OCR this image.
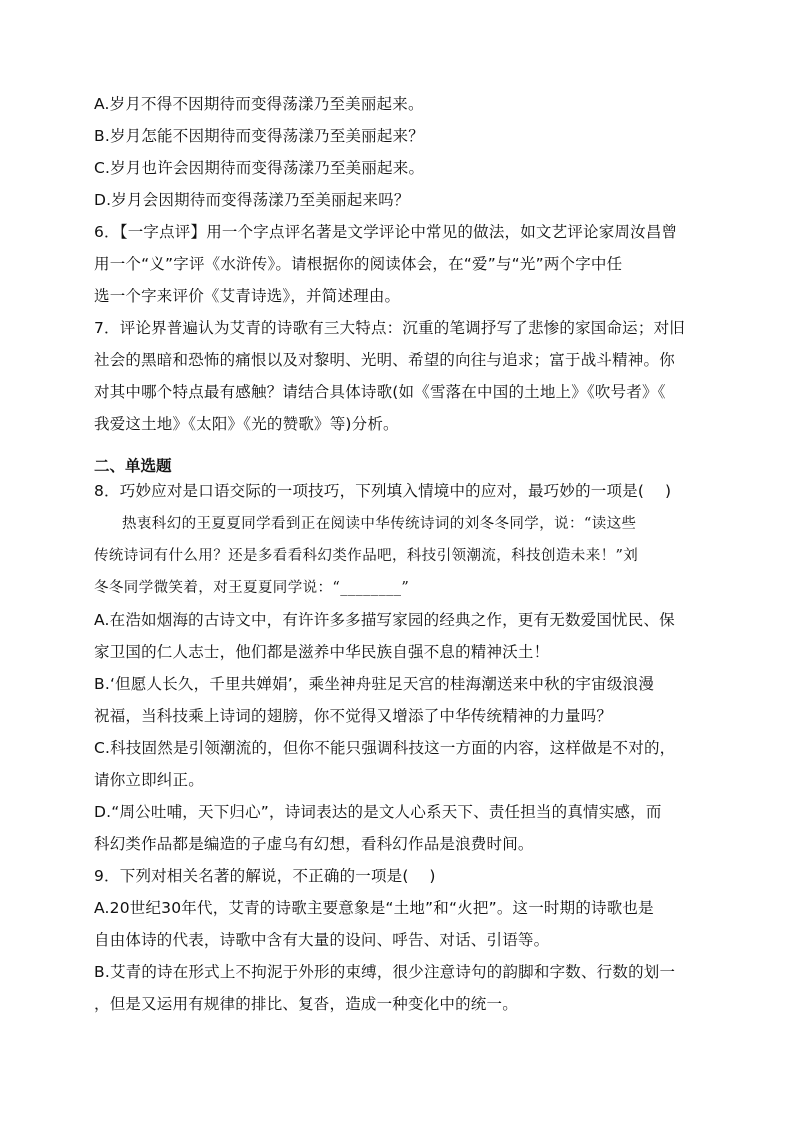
A.岁月不得不因期待而变得荡漾乃至美丽起来。
B.岁月怎能不因期待而变得荡漾乃至美丽起来？
C.岁月也许会因期待而变得荡漾乃至美丽起来。
D.岁月会因期待而变得荡漾乃至美丽起来吗？
6．【一字点评】用一个字点评名著是文学评论中常见的做法，如文艺评论家周汝昌曾
用一个“义”字评《水浒传》。请根据你的阅读体会，在“爱”与“光”两个字中任
选一个字来评价《艾青诗选》，并简述理由。
7．评论界普遍认为艾青的诗歌有三大特点：沉重的笔调抒写了悲惨的家国命运；对旧
社会的黑暗和恐怖的痛恨以及对黎明、光明、希望的向往与追求；富于战斗精神。你
对其中哪个特点最有感触？请结合具体诗歌(如《雪落在中国的土地上》《吹号者》《
我爱这土地》《太阳》《光的赞歌》等)分析。
二、单选题
8．巧妙应对是口语交际的一项技巧，下列填入情境中的应对，最巧妙的一项是(　 )
热衷科幻的王夏夏同学看到正在阅读中华传统诗词的刘冬冬同学，说：“读这些
传统诗词有什么用？还是多看看科幻类作品吧，科技引领潮流，科技创造未来！”刘
冬冬同学微笑着，对王夏夏同学说：“________”
A.在浩如烟海的古诗文中，有许许多多描写家园的经典之作，更有无数爱国忧民、保
家卫国的仁人志士，他们都是滋养中华民族自强不息的精神沃土！
B.‘但愿人长久，千里共婵娟’，乘坐神舟驻足天宫的桂海潮送来中秋的宇宙级浪漫
祝福，当科技乘上诗词的翅膀，你不觉得又增添了中华传统精神的力量吗？
C.科技固然是引领潮流的，但你不能只强调科技这一方面的内容，这样做是不对的，
请你立即纠正。
D.“周公吐哺，天下归心”，诗词表达的是文人心系天下、责任担当的真情实感，而
科幻类作品都是编造的子虚乌有幻想，看科幻作品是浪费时间。
9．下列对相关名著的解说，不正确的一项是(　 )
A.20世纪30年代，艾青的诗歌主要意象是“土地”和“火把”。这一时期的诗歌也是
自由体诗的代表，诗歌中含有大量的设问、呼告、对话、引语等。
B.艾青的诗在形式上不拘泥于外形的束缚，很少注意诗句的韵脚和字数、行数的划一
，但是又运用有规律的排比、复沓，造成一种变化中的统一。
